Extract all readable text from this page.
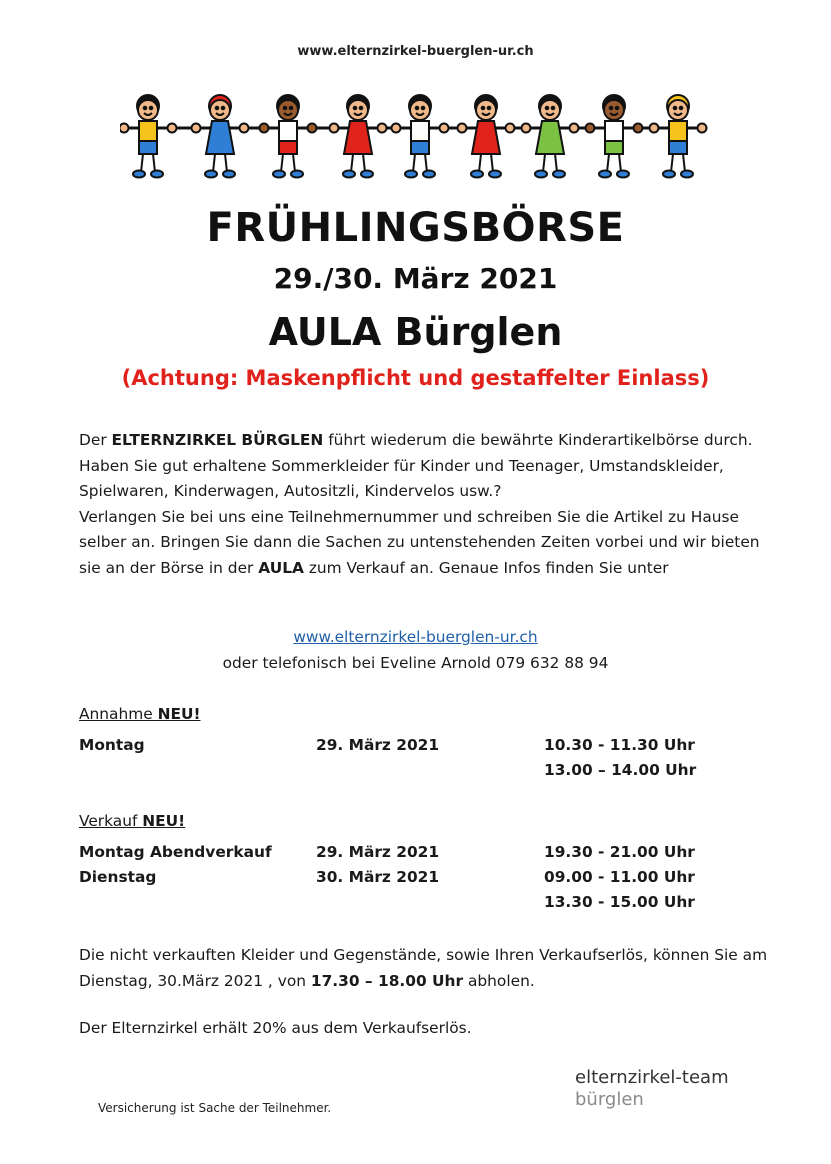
www.elternzirkel-buerglen-ur.ch
FRÜHLINGSBÖRSE
29./30. März 2021
AULA Bürglen
(Achtung: Maskenpflicht und gestaffelter Einlass)

Der ELTERNZIRKEL BÜRGLEN führt wiederum die bewährte Kinderartikelbörse durch.

Haben Sie gut erhaltene Sommerkleider für Kinder und Teenager, Umstandskleider, Spielwaren, Kinderwagen, Autositzli, Kindervelos usw.?

Verlangen Sie bei uns eine Teilnehmernummer und schreiben Sie die Artikel zu Hause selber an. Bringen Sie dann die Sachen zu untenstehenden Zeiten vorbei und wir bieten sie an der Börse in der AULA zum Verkauf an. Genaue Infos finden Sie unter

www.elternzirkel-buerglen-ur.ch
oder telefonisch bei Eveline Arnold 079 632 88 94
Annahme NEU!
Montag	29. März 2021	10.30 - 11.30 Uhr
13.00 – 14.00 Uhr
Verkauf NEU!
Montag Abendverkauf	29. März 2021	19.30 - 21.00 Uhr
Dienstag	30. März 2021	09.00 - 11.00 Uhr
13.30 - 15.00 Uhr
Die nicht verkauften Kleider und Gegenstände, sowie Ihren Verkaufserlös, können Sie am Dienstag, 30.März 2021 , von 17.30 – 18.00 Uhr abholen.
Der Elternzirkel erhält 20% aus dem Verkaufserlös.
elternzirkel-team
bürglen
Versicherung ist Sache der Teilnehmer.
